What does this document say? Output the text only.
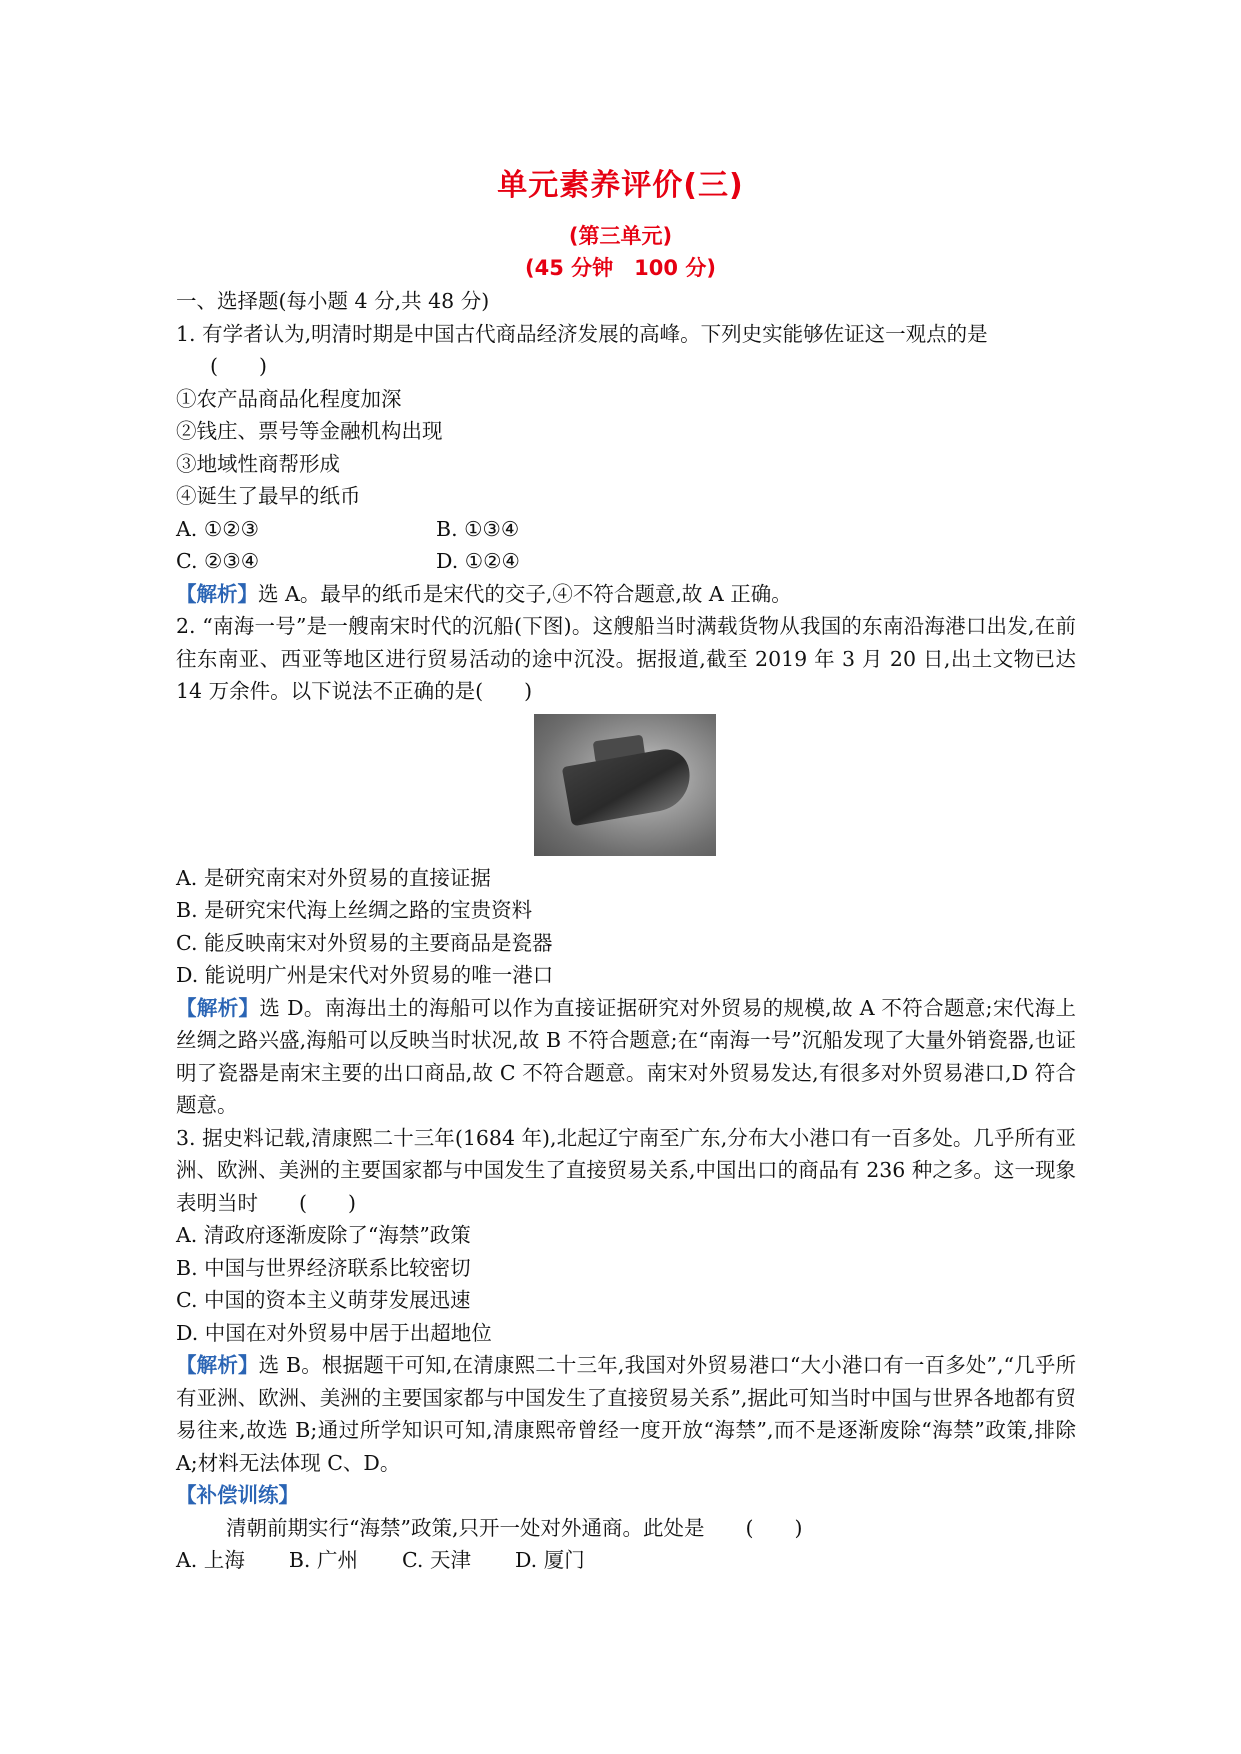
单元素养评价(三)
(第三单元)
(45 分钟　100 分)
一、选择题(每小题 4 分,共 48 分)
1. 有学者认为,明清时期是中国古代商品经济发展的高峰。下列史实能够佐证这一观点的是
(　　)
①农产品商品化程度加深
②钱庄、票号等金融机构出现
③地域性商帮形成
④诞生了最早的纸币
A. ①②③	B. ①③④
C. ②③④	D. ①②④
【解析】选 A。最早的纸币是宋代的交子,④不符合题意,故 A 正确。
2. “南海一号”是一艘南宋时代的沉船(下图)。这艘船当时满载货物从我国的东南沿海港口出发,在前往东南亚、西亚等地区进行贸易活动的途中沉没。据报道,截至 2019 年 3 月 20 日,出土文物已达 14 万余件。以下说法不正确的是(　　)
A. 是研究南宋对外贸易的直接证据
B. 是研究宋代海上丝绸之路的宝贵资料
C. 能反映南宋对外贸易的主要商品是瓷器
D. 能说明广州是宋代对外贸易的唯一港口
【解析】选 D。南海出土的海船可以作为直接证据研究对外贸易的规模,故 A 不符合题意;宋代海上丝绸之路兴盛,海船可以反映当时状况,故 B 不符合题意;在“南海一号”沉船发现了大量外销瓷器,也证明了瓷器是南宋主要的出口商品,故 C 不符合题意。南宋对外贸易发达,有很多对外贸易港口,D 符合题意。
3. 据史料记载,清康熙二十三年(1684 年),北起辽宁南至广东,分布大小港口有一百多处。几乎所有亚洲、欧洲、美洲的主要国家都与中国发生了直接贸易关系,中国出口的商品有 236 种之多。这一现象表明当时　　(　　)
A. 清政府逐渐废除了“海禁”政策
B. 中国与世界经济联系比较密切
C. 中国的资本主义萌芽发展迅速
D. 中国在对外贸易中居于出超地位
【解析】选 B。根据题干可知,在清康熙二十三年,我国对外贸易港口“大小港口有一百多处”,“几乎所有亚洲、欧洲、美洲的主要国家都与中国发生了直接贸易关系”,据此可知当时中国与世界各地都有贸易往来,故选 B;通过所学知识可知,清康熙帝曾经一度开放“海禁”,而不是逐渐废除“海禁”政策,排除 A;材料无法体现 C、D。
【补偿训练】
清朝前期实行“海禁”政策,只开一处对外通商。此处是　　(　　)
A. 上海 B. 广州 C. 天津 D. 厦门
